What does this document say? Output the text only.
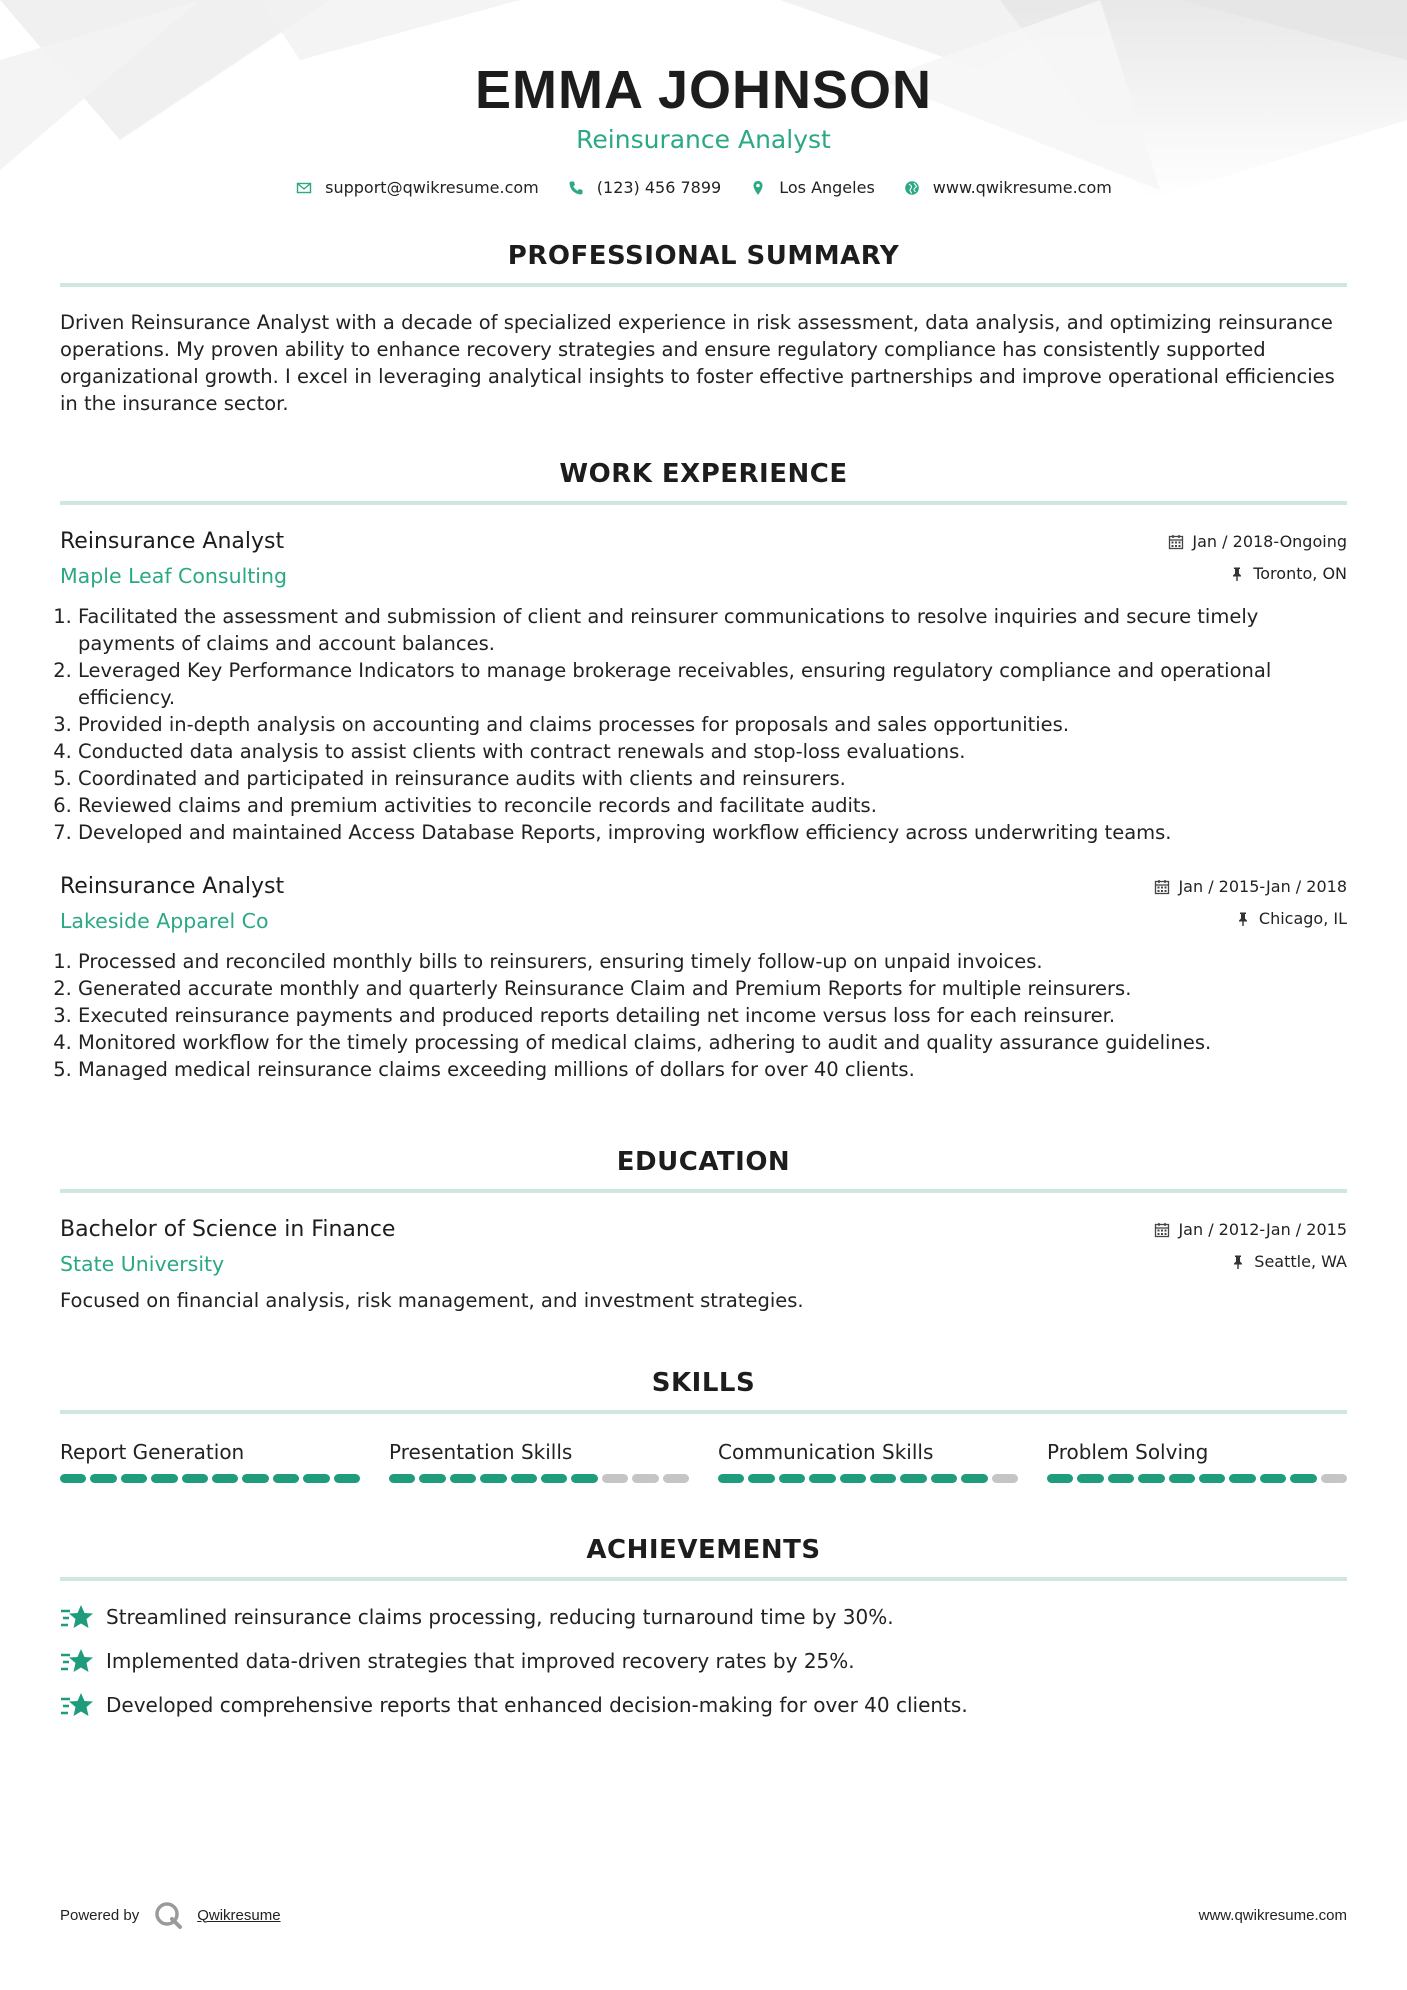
EMMA JOHNSON
Reinsurance Analyst
support@qwikresume.com	(123) 456 7899	Los Angeles	www.qwikresume.com
PROFESSIONAL SUMMARY

Driven Reinsurance Analyst with a decade of specialized experience in risk assessment, data analysis, and optimizing reinsurance operations. My proven ability to enhance recovery strategies and ensure regulatory compliance has consistently supported organizational growth. I excel in leveraging analytical insights to foster effective partnerships and improve operational efficiencies in the insurance sector.

WORK EXPERIENCE
Reinsurance Analyst	Jan / 2018-Ongoing
Maple Leaf Consulting	Toronto, ON
1. Facilitated the assessment and submission of client and reinsurer communications to resolve inquiries and secure timely payments of claims and account balances.
2. Leveraged Key Performance Indicators to manage brokerage receivables, ensuring regulatory compliance and operational efficiency.
3. Provided in-depth analysis on accounting and claims processes for proposals and sales opportunities.
4. Conducted data analysis to assist clients with contract renewals and stop-loss evaluations.
5. Coordinated and participated in reinsurance audits with clients and reinsurers.
6. Reviewed claims and premium activities to reconcile records and facilitate audits.
7. Developed and maintained Access Database Reports, improving workflow efficiency across underwriting teams.
Reinsurance Analyst	Jan / 2015-Jan / 2018
Lakeside Apparel Co	Chicago, IL
1. Processed and reconciled monthly bills to reinsurers, ensuring timely follow-up on unpaid invoices.
2. Generated accurate monthly and quarterly Reinsurance Claim and Premium Reports for multiple reinsurers.
3. Executed reinsurance payments and produced reports detailing net income versus loss for each reinsurer.
4. Monitored workflow for the timely processing of medical claims, adhering to audit and quality assurance guidelines.
5. Managed medical reinsurance claims exceeding millions of dollars for over 40 clients.
EDUCATION
Bachelor of Science in Finance	Jan / 2012-Jan / 2015
State University	Seattle, WA

Focused on financial analysis, risk management, and investment strategies.

SKILLS
Report Generation	Presentation Skills	Communication Skills	Problem Solving
ACHIEVEMENTS
Streamlined reinsurance claims processing, reducing turnaround time by 30%.
Implemented data-driven strategies that improved recovery rates by 25%.
Developed comprehensive reports that enhanced decision-making for over 40 clients.
Powered by	Qwikresume	www.qwikresume.com
